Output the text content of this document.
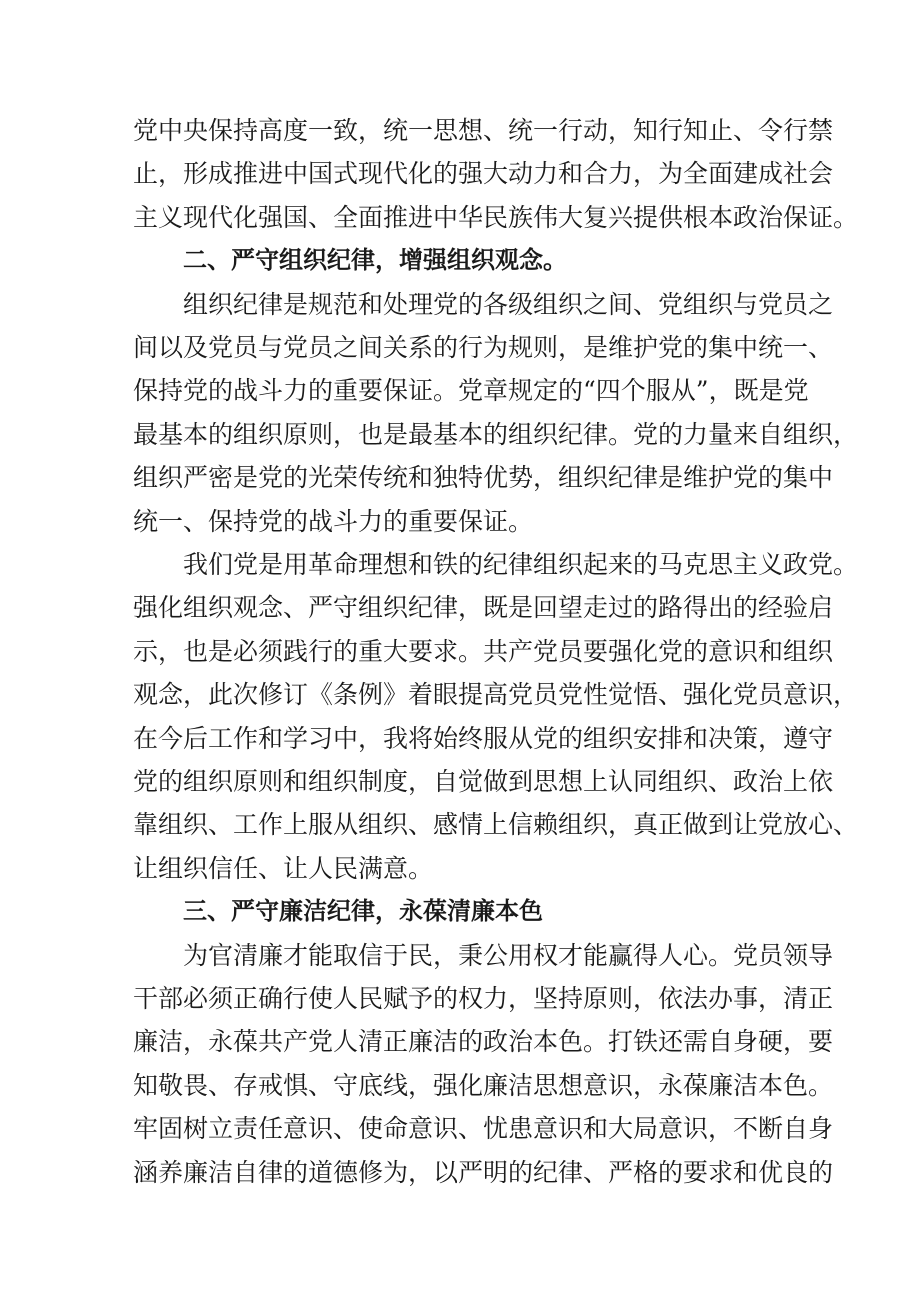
党中央保持高度一致，统一思想、统一行动，知行知止、令行禁
止，形成推进中国式现代化的强大动力和合力，为全面建成社会
主义现代化强国、全面推进中华民族伟大复兴提供根本政治保证。
二、严守组织纪律，增强组织观念。
组织纪律是规范和处理党的各级组织之间、党组织与党员之
间以及党员与党员之间关系的行为规则，是维护党的集中统一、
保持党的战斗力的重要保证。党章规定的“四个服从”，既是党
最基本的组织原则，也是最基本的组织纪律。党的力量来自组织，
组织严密是党的光荣传统和独特优势，组织纪律是维护党的集中
统一、保持党的战斗力的重要保证。
我们党是用革命理想和铁的纪律组织起来的马克思主义政党。
强化组织观念、严守组织纪律，既是回望走过的路得出的经验启
示，也是必须践行的重大要求。共产党员要强化党的意识和组织
观念，此次修订《条例》着眼提高党员党性觉悟、强化党员意识，
在今后工作和学习中，我将始终服从党的组织安排和决策，遵守
党的组织原则和组织制度，自觉做到思想上认同组织、政治上依
靠组织、工作上服从组织、感情上信赖组织，真正做到让党放心、
让组织信任、让人民满意。
三、严守廉洁纪律，永葆清廉本色
为官清廉才能取信于民，秉公用权才能赢得人心。党员领导
干部必须正确行使人民赋予的权力，坚持原则，依法办事，清正
廉洁，永葆共产党人清正廉洁的政治本色。打铁还需自身硬，要
知敬畏、存戒惧、守底线，强化廉洁思想意识，永葆廉洁本色。
牢固树立责任意识、使命意识、忧患意识和大局意识，不断自身
涵养廉洁自律的道德修为，以严明的纪律、严格的要求和优良的
